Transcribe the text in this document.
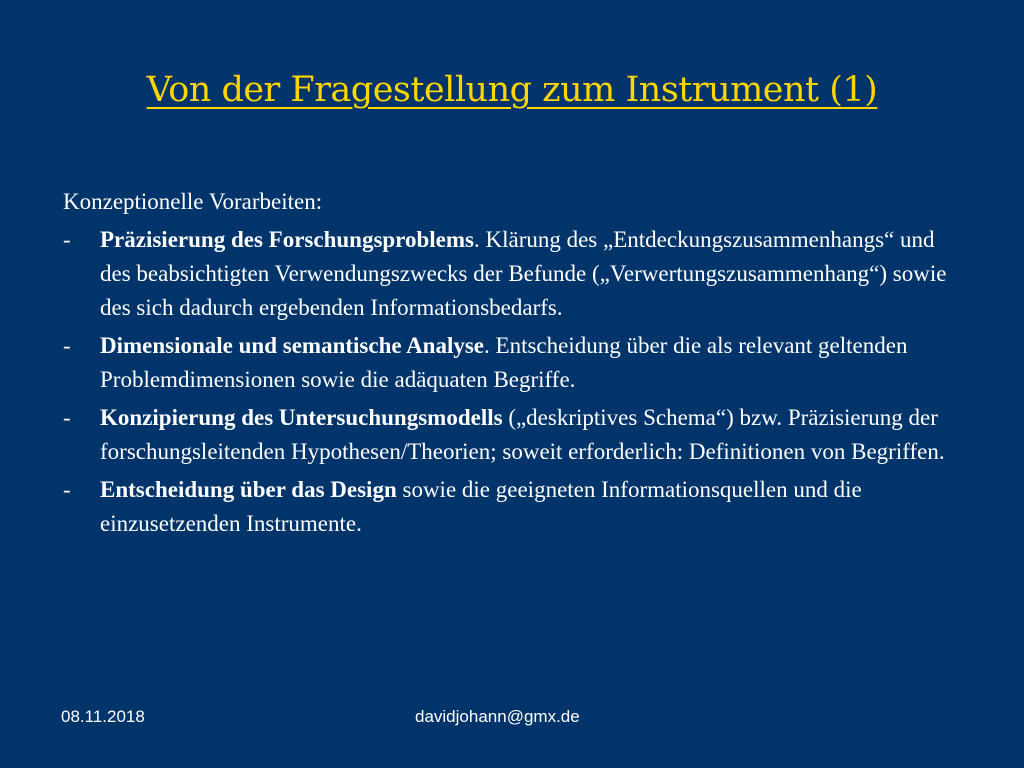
Von der Fragestellung zum Instrument (1)
Konzeptionelle Vorarbeiten:
- Präzisierung des Forschungsproblems. Klärung des „Entdeckungszusammenhangs“ und des beabsichtigten Verwendungszwecks der Befunde („Verwertungszusammenhang“) sowie des sich dadurch ergebenden Informationsbedarfs.
- Dimensionale und semantische Analyse. Entscheidung über die als relevant geltenden Problemdimensionen sowie die adäquaten Begriffe.
- Konzipierung des Untersuchungsmodells („deskriptives Schema“) bzw. Präzisierung der forschungsleitenden Hypothesen/Theorien; soweit erforderlich: Definitionen von Begriffen.
- Entscheidung über das Design sowie die geeigneten Informationsquellen und die einzusetzenden Instrumente.
08.11.2018	davidjohann@gmx.de
